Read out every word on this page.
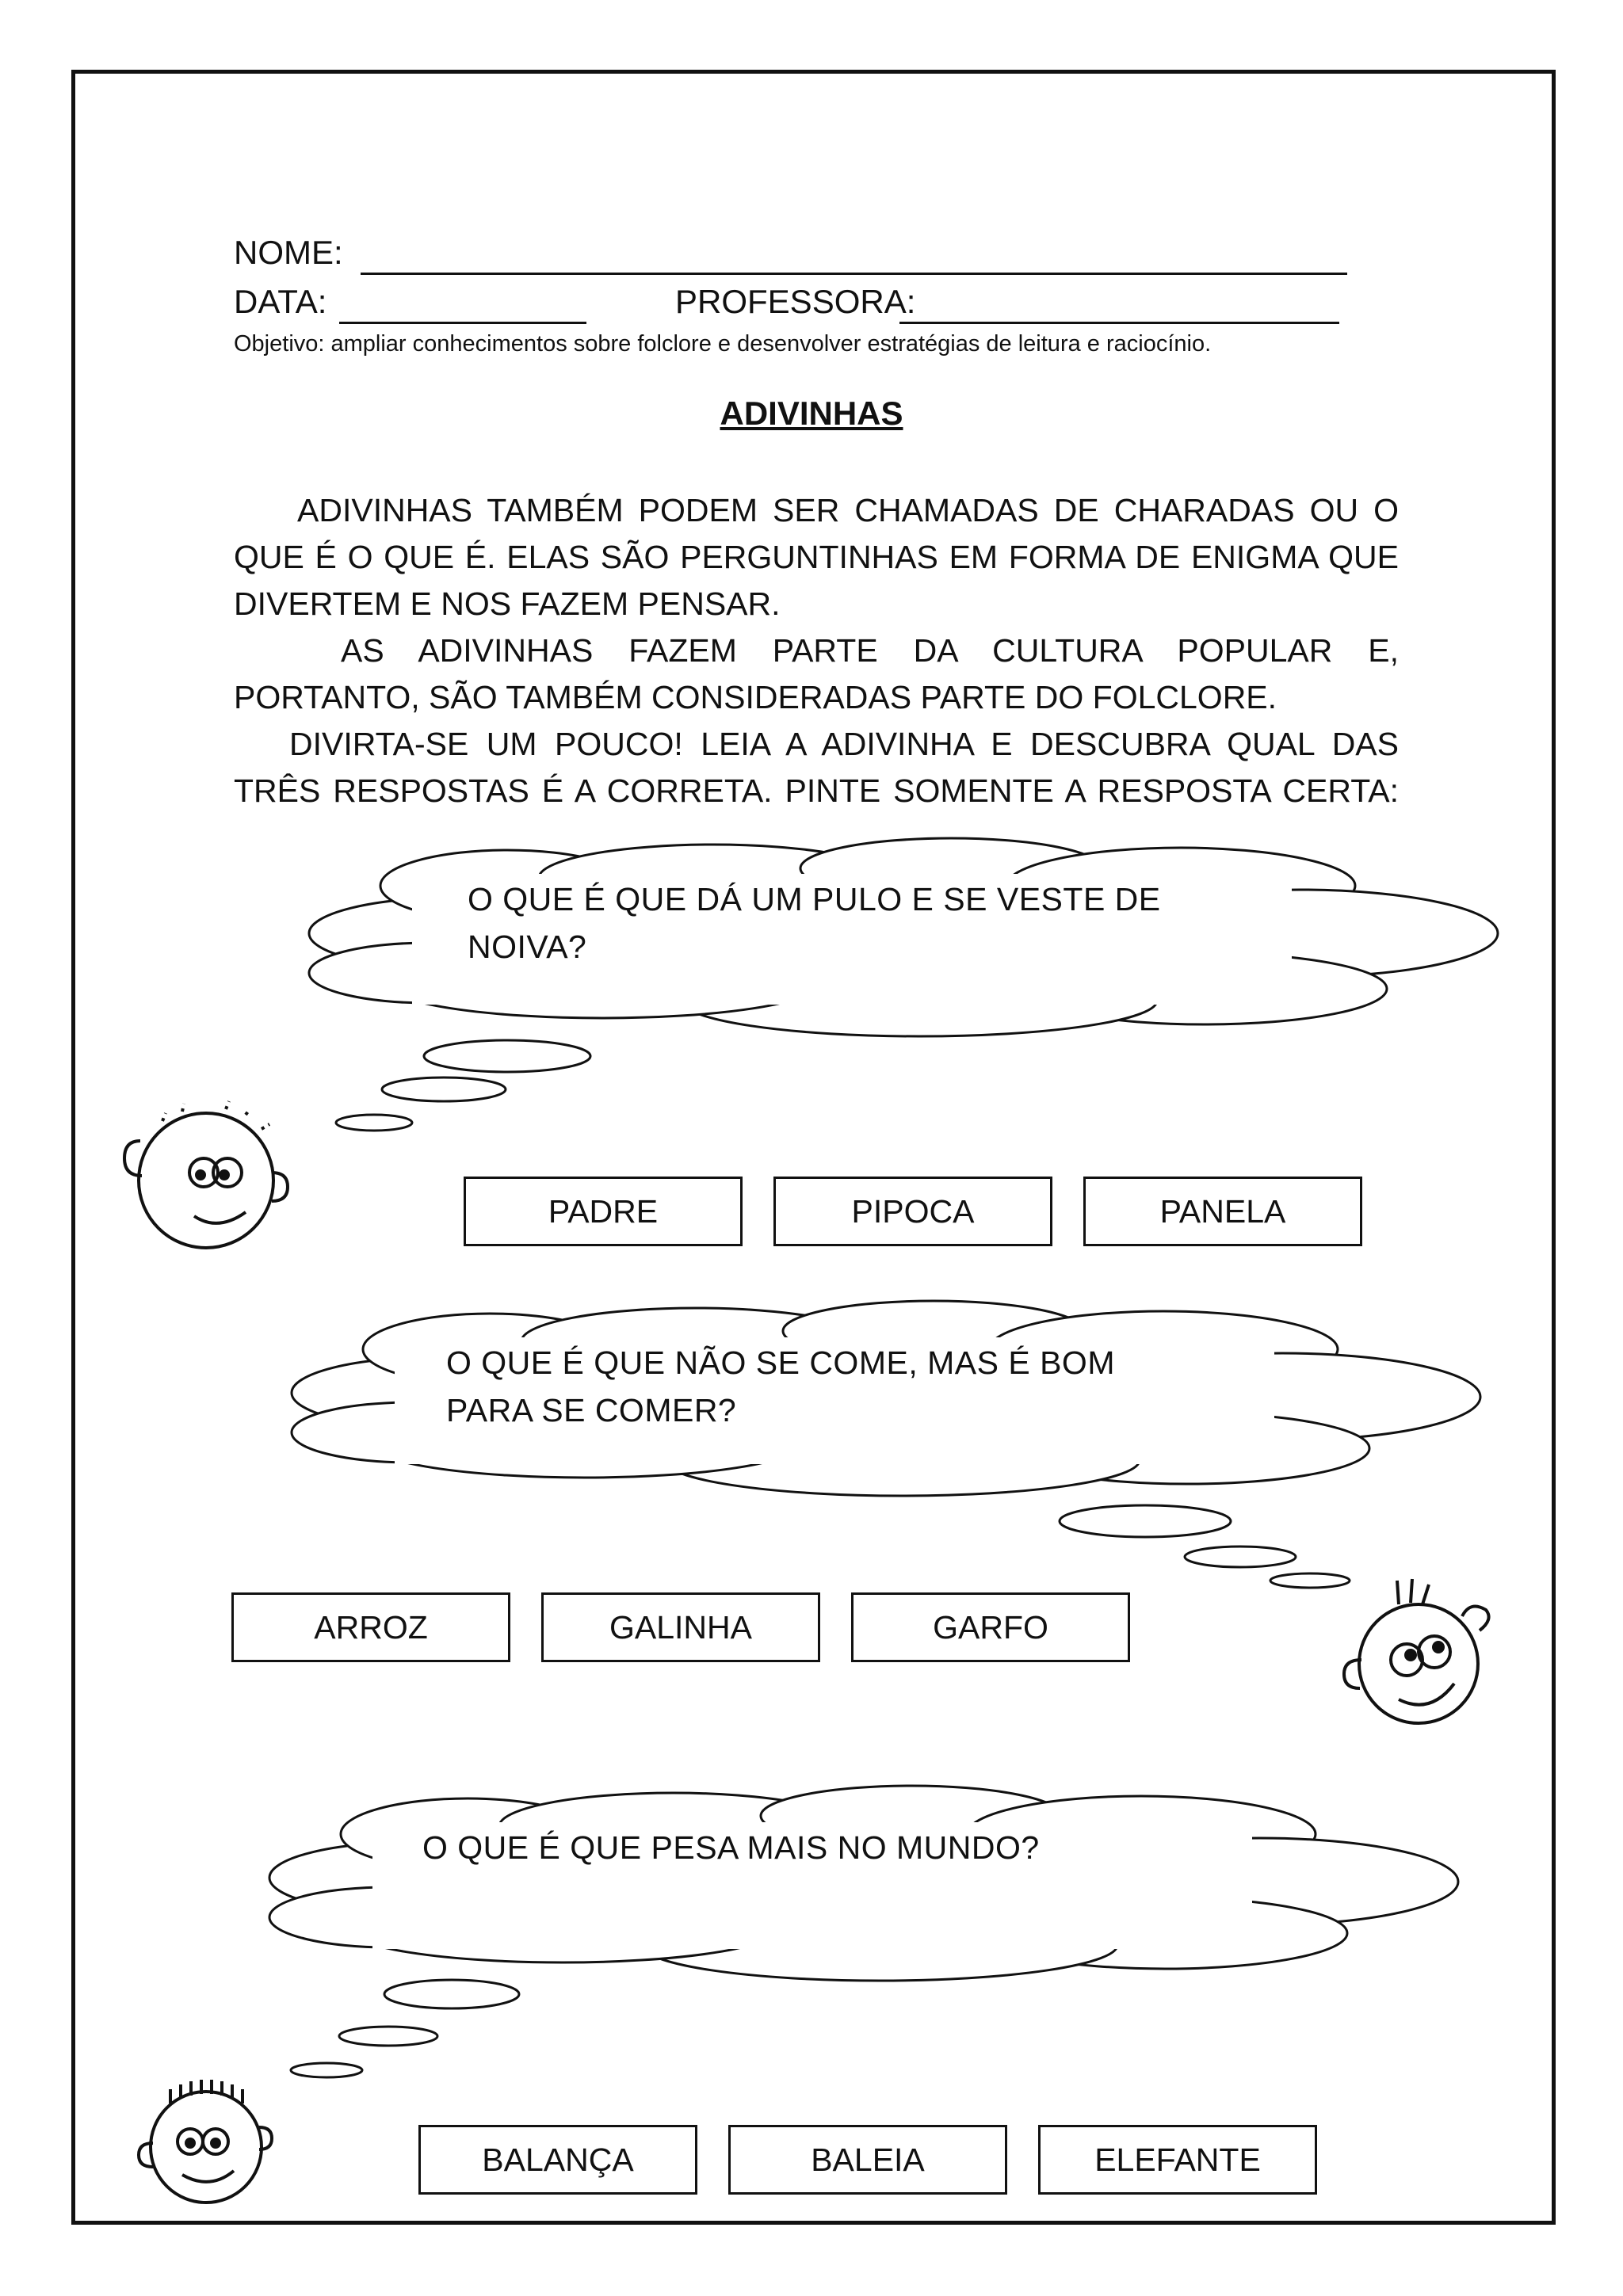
NOME:
DATA:	PROFESSORA:
Objetivo: ampliar conhecimentos sobre folclore e desenvolver estratégias de leitura e raciocínio.
ADIVINHAS

ADIVINHAS TAMBÉM PODEM SER CHAMADAS DE CHARADAS OU O QUE É O QUE É. ELAS SÃO PERGUNTINHAS EM FORMA DE ENIGMA QUE DIVERTEM E NOS FAZEM PENSAR.

AS ADIVINHAS FAZEM PARTE DA CULTURA POPULAR E, PORTANTO, SÃO TAMBÉM CONSIDERADAS PARTE DO FOLCLORE.

DIVIRTA-SE UM POUCO! LEIA A ADIVINHA E DESCUBRA QUAL DAS TRÊS RESPOSTAS É A CORRETA. PINTE SOMENTE A RESPOSTA CERTA:

O QUE É QUE DÁ UM PULO E SE VESTE DE
NOIVA?
PADRE	PIPOCA	PANELA
O QUE É QUE NÃO SE COME, MAS É BOM
PARA SE COMER?
ARROZ	GALINHA	GARFO
O QUE É QUE PESA MAIS NO MUNDO?
BALANÇA	BALEIA	ELEFANTE
